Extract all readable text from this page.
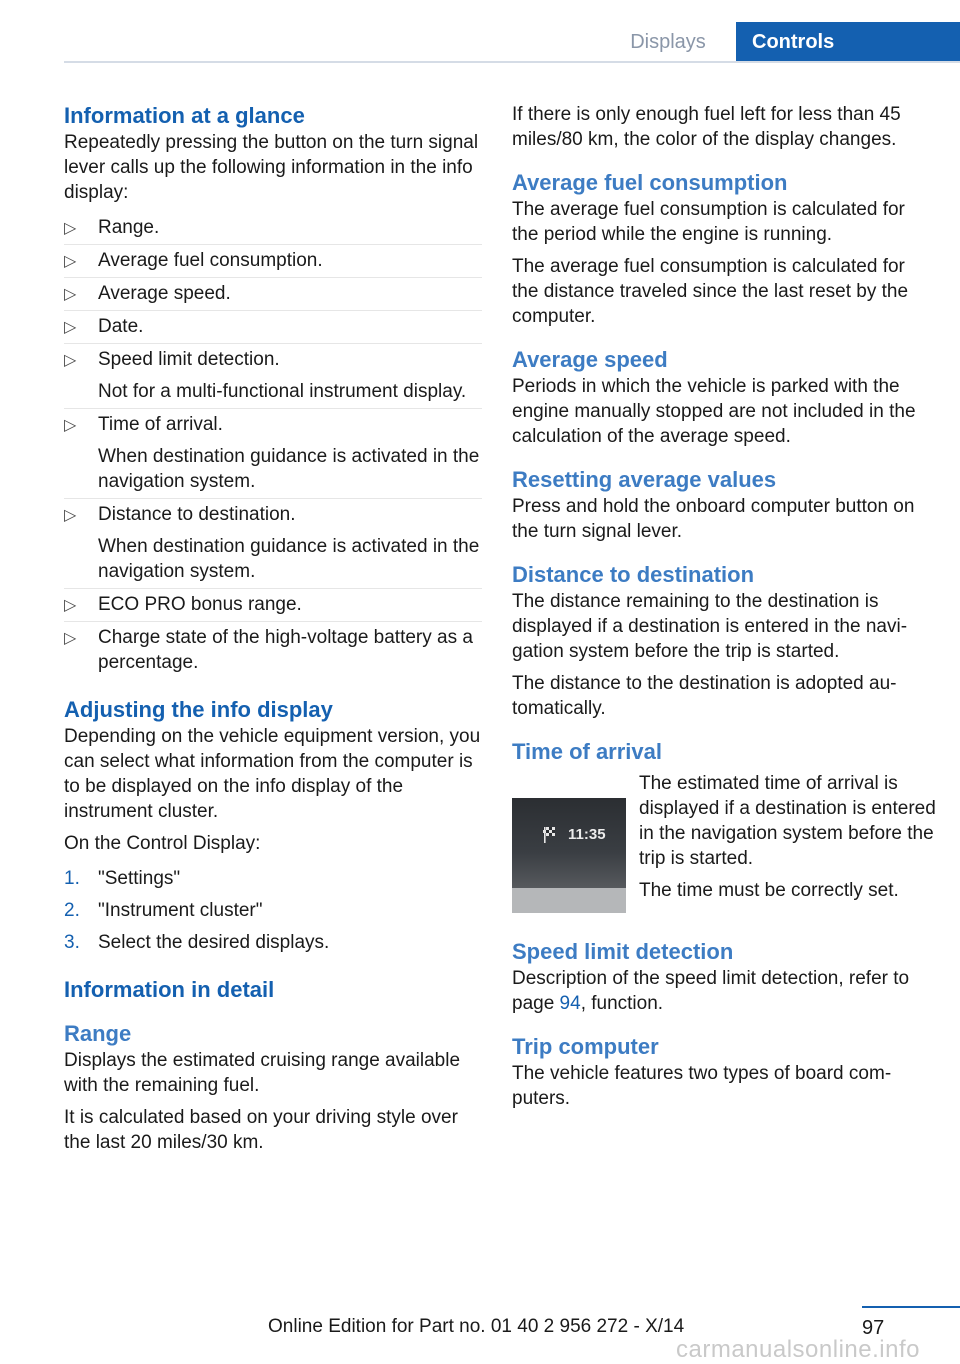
Displays	Controls
Information at a glance

Repeatedly pressing the button on the turn signal lever calls up the following information in the info display:

▷ Range.
▷ Average fuel consumption.
▷ Average speed.
▷ Date.
▷ Speed limit detection.
Not for a multi-functional instrument display.
▷ Time of arrival.
When destination guidance is activated in the navigation system.
▷ Distance to destination.
When destination guidance is activated in the navigation system.
▷ ECO PRO bonus range.
▷ Charge state of the high-voltage battery as a percentage.
Adjusting the info display

Depending on the vehicle equipment version, you can select what information from the computer is to be displayed on the info display of the instrument cluster.

On the Control Display:

1. "Settings"
2. "Instrument cluster"
3. Select the desired displays.
Information in detail
Range

Displays the estimated cruising range available with the remaining fuel.

It is calculated based on your driving style over the last 20 miles/30 km.

If there is only enough fuel left for less than 45 miles/80 km, the color of the display changes.

Average fuel consumption

The average fuel consumption is calculated for the period while the engine is running.

The average fuel consumption is calculated for the distance traveled since the last reset by the computer.

Average speed

Periods in which the vehicle is parked with the engine manually stopped are not included in the calculation of the average speed.

Resetting average values

Press and hold the onboard computer button on the turn signal lever.

Distance to destination

The distance remaining to the destination is displayed if a destination is entered in the navigation system before the trip is started.

The distance to the destination is adopted automatically.

Time of arrival
11:35

The estimated time of arrival is displayed if a destination is entered in the navigation system before the trip is started.

The time must be correctly set.

Speed limit detection

Description of the speed limit detection, refer to page 94, function.

Trip computer

The vehicle features two types of board computers.

97
Online Edition for Part no. 01 40 2 956 272 - X/14
carmanualsonline.info
